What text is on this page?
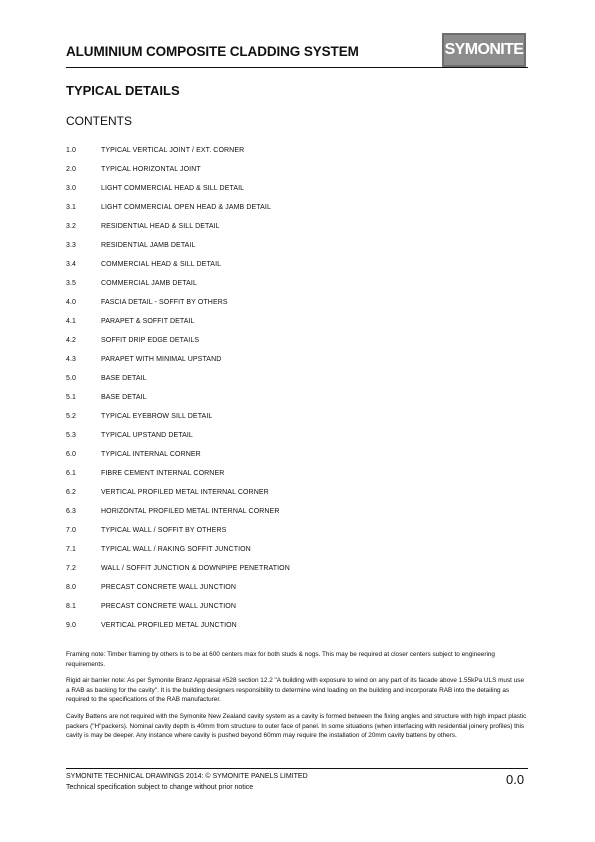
ALUMINIUM COMPOSITE CLADDING SYSTEM	SYMONITE
TYPICAL DETAILS
CONTENTS
1.0	TYPICAL VERTICAL JOINT / EXT. CORNER
2.0	TYPICAL HORIZONTAL JOINT
3.0	LIGHT COMMERCIAL HEAD & SILL DETAIL
3.1	LIGHT COMMERCIAL OPEN HEAD & JAMB DETAIL
3.2	RESIDENTIAL HEAD & SILL DETAIL
3.3	RESIDENTIAL JAMB DETAIL
3.4	COMMERCIAL HEAD & SILL DETAIL
3.5	COMMERCIAL JAMB DETAIL
4.0	FASCIA DETAIL - SOFFIT BY OTHERS
4.1	PARAPET & SOFFIT DETAIL
4.2	SOFFIT DRIP EDGE DETAILS
4.3	PARAPET WITH MINIMAL UPSTAND
5.0	BASE DETAIL
5.1	BASE DETAIL
5.2	TYPICAL EYEBROW SILL DETAIL
5.3	TYPICAL UPSTAND DETAIL
6.0	TYPICAL INTERNAL CORNER
6.1	FIBRE CEMENT INTERNAL CORNER
6.2	VERTICAL PROFILED METAL INTERNAL CORNER
6.3	HORIZONTAL PROFILED METAL INTERNAL CORNER
7.0	TYPICAL WALL / SOFFIT BY OTHERS
7.1	TYPICAL WALL / RAKING SOFFIT JUNCTION
7.2	WALL / SOFFIT JUNCTION & DOWNPIPE PENETRATION
8.0	PRECAST CONCRETE WALL JUNCTION
8.1	PRECAST CONCRETE WALL JUNCTION
9.0	VERTICAL PROFILED METAL JUNCTION

Framing note: Timber framing by others is to be at 600 centers max for both studs & nogs. This may be required at closer centers subject to engineering requirements.

Rigid air barrier note: As per Symonite Branz Appraisal #528 section 12.2 "A building with exposure to wind on any part of its facade above 1.55kPa ULS must use a RAB as backing for the cavity". It is the building designers responsibility to determine wind loading on the building and incorporate RAB into the detailing as required to the specifications of the RAB manufacturer.

Cavity Battens are not required with the Symonite New Zealand cavity system as a cavity is formed between the fixing angles and structure with high impact plastic packers ("H"packers). Nominal cavity depth is 40mm from structure to outer face of panel. In some situations (when interfacing with residential joinery profiles) this cavity is may be deeper. Any instance where cavity is pushed beyond 60mm may require the installation of 20mm cavity battens by others.

SYMONITE TECHNICAL DRAWINGS 2014: © SYMONITE PANELS LIMITED
Technical specification subject to change without prior notice
0.0
